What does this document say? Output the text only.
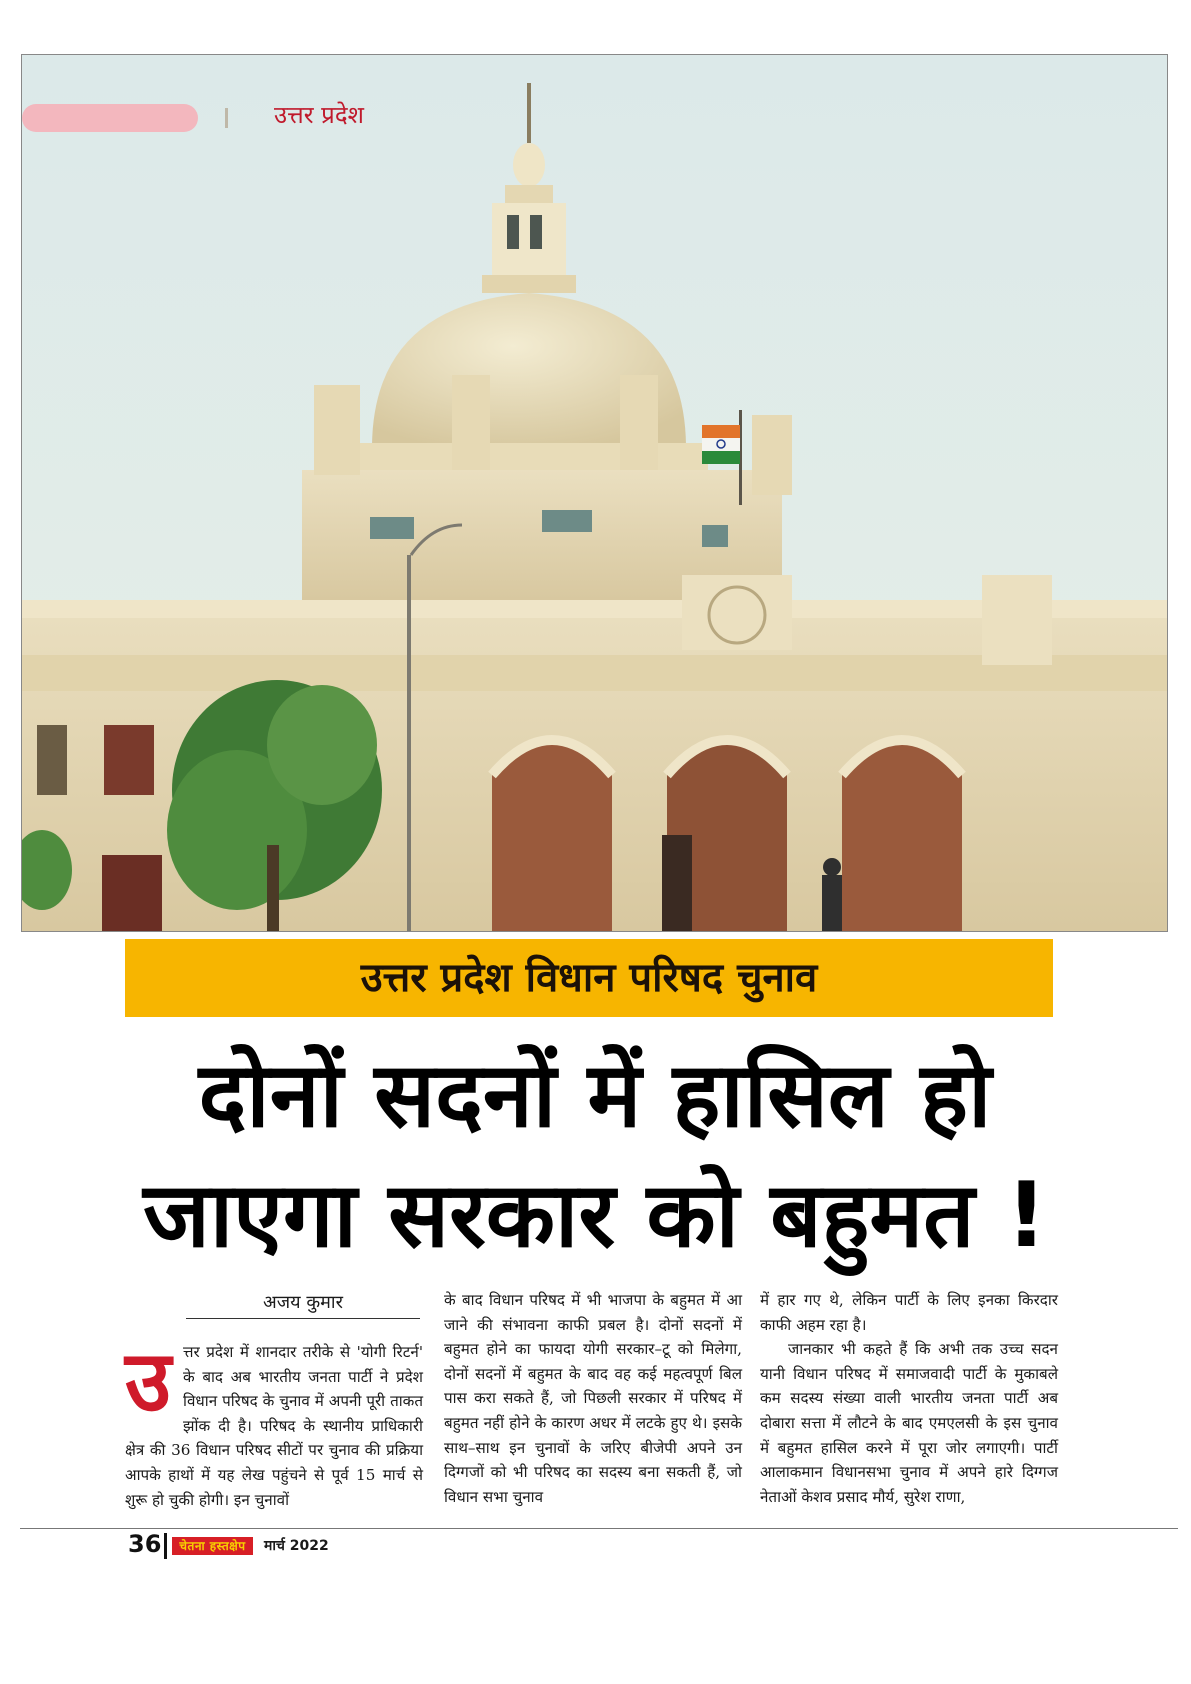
उत्तर प्रदेश
उत्तर प्रदेश विधान परिषद चुनाव
दोनों सदनों में हासिल हो
जाएगा सरकार को बहुमत !
अजय कुमार

उत्तर प्रदेश में शानदार तरीके से 'योगी रिटर्न' के बाद अब भारतीय जनता पार्टी ने प्रदेश विधान परिषद के चुनाव में अपनी पूरी ताकत झोंक दी है। परिषद के स्थानीय प्राधिकारी क्षेत्र की 36 विधान परिषद सीटों पर चुनाव की प्रक्रिया आपके हाथों में यह लेख पहुंचने से पूर्व 15 मार्च से शुरू हो चुकी होगी। इन चुनावों

के बाद विधान परिषद में भी भाजपा के बहुमत में आ जाने की संभावना काफी प्रबल है। दोनों सदनों में बहुमत होने का फायदा योगी सरकार–टू को मिलेगा, दोनों सदनों में बहुमत के बाद वह कई महत्वपूर्ण बिल पास करा सकते हैं, जो पिछली सरकार में परिषद में बहुमत नहीं होने के कारण अधर में लटके हुए थे। इसके साथ–साथ इन चुनावों के जरिए बीजेपी अपने उन दिग्गजों को भी परिषद का सदस्य बना सकती हैं, जो विधान सभा चुनाव

में हार गए थे, लेकिन पार्टी के लिए इनका किरदार काफी अहम रहा है।

जानकार भी कहते हैं कि अभी तक उच्च सदन यानी विधान परिषद में समाजवादी पार्टी के मुकाबले कम सदस्य संख्या वाली भारतीय जनता पार्टी अब दोबारा सत्ता में लौटने के बाद एमएलसी के इस चुनाव में बहुमत हासिल करने में पूरा जोर लगाएगी। पार्टी आलाकमान विधानसभा चुनाव में अपने हारे दिग्गज नेताओं केशव प्रसाद मौर्य, सुरेश राणा,

36	चेतना हस्तक्षेप	मार्च 2022
